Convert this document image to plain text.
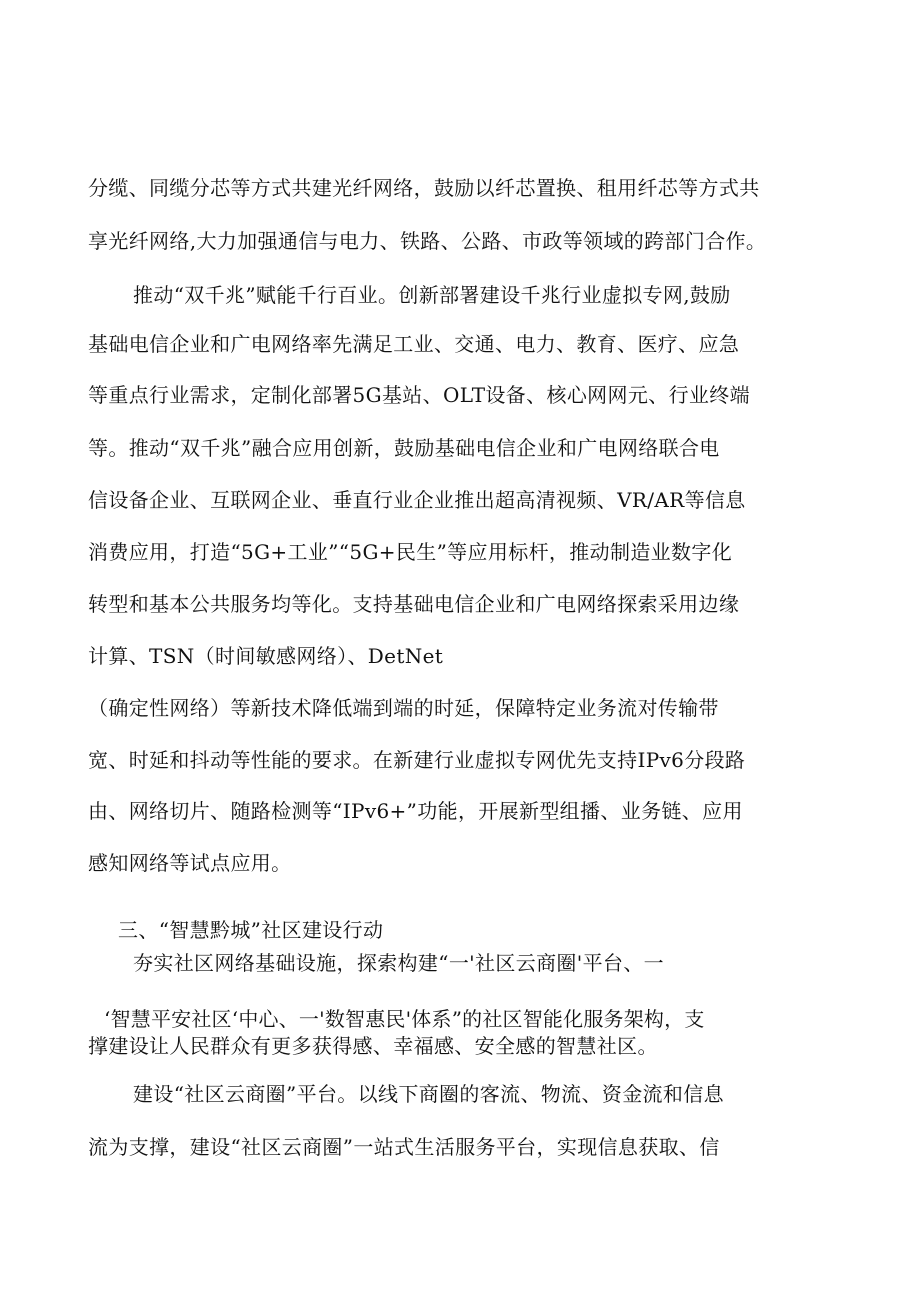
分缆、同缆分芯等方式共建光纤网络，鼓励以纤芯置换、租用纤芯等方式共

享光纤网络,大力加强通信与电力、铁路、公路、市政等领域的跨部门合作。

推动“双千兆”赋能千行百业。创新部署建设千兆行业虚拟专网,鼓励

基础电信企业和广电网络率先满足工业、交通、电力、教育、医疗、应急

等重点行业需求，定制化部署5G基站、OLT设备、核心网网元、行业终端

等。推动“双千兆”融合应用创新，鼓励基础电信企业和广电网络联合电

信设备企业、互联网企业、垂直行业企业推出超高清视频、VR/AR等信息

消费应用，打造“5G+工业”“5G+民生”等应用标杆，推动制造业数字化

转型和基本公共服务均等化。支持基础电信企业和广电网络探索采用边缘

计算、TSN（时间敏感网络）、DetNet

（确定性网络）等新技术降低端到端的时延，保障特定业务流对传输带

宽、时延和抖动等性能的要求。在新建行业虚拟专网优先支持IPv6分段路

由、网络切片、随路检测等“IPv6+”功能，开展新型组播、业务链、应用

感知网络等试点应用。

三、“智慧黔城”社区建设行动

夯实社区网络基础设施，探索构建“一'社区云商圈'平台、一

‘智慧平安社区‘中心、一'数智惠民'体系”的社区智能化服务架构，支

撑建设让人民群众有更多获得感、幸福感、安全感的智慧社区。

建设“社区云商圈”平台。以线下商圈的客流、物流、资金流和信息

流为支撑，建设“社区云商圈”一站式生活服务平台，实现信息获取、信
